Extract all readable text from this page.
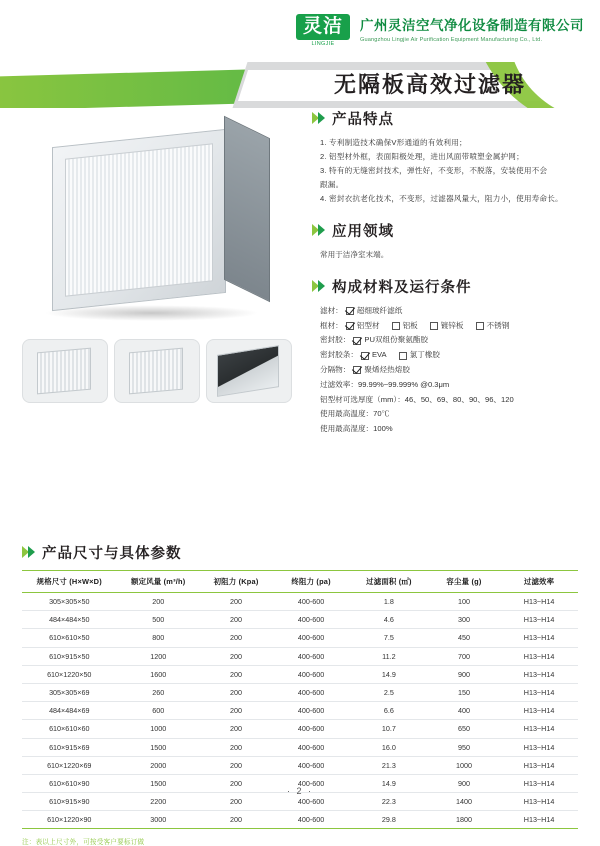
灵洁
LINGJIE
广州灵洁空气净化设备制造有限公司
Guangzhou Lingjie Air Purification Equipment Manufacturing Co., Ltd.
无隔板高效过滤器
产品特点
1. 专利制造技术确保V形通道的有效利用；
2. 铝型材外框，表面阳极处理，进出风面带喷塑金属护网；
3. 特有的无缝密封技术，弹性好，不变形，不脱落，安装使用不会
跟漏。
4. 密封衣抗老化技术，不变形，过滤器风量大，阻力小，使用寿命长。
应用领域

常用于洁净室末端。

构成材料及运行条件
滤材： 超细玻纤滤纸
框材： 铝型材	铝板	镀锌板	不锈钢
密封胶： PU双组份聚氨酯胶
密封胶条： EVA	氯丁橡胶
分隔物： 聚烯烃热熔胶
过滤效率：99.99%~99.999% @0.3μm
铝型材可选厚度（mm）：46、50、69、80、90、96、120
使用最高温度：70℃
使用最高湿度：100%
产品尺寸与具体参数
规格尺寸 (H×W×D)	额定风量 (m³/h)	初阻力 (Kpa)	终阻力 (pa)	过滤面积 (㎡)	容尘量 (g)	过滤效率
305×305×50	200	200	400-600	1.8	100	H13~H14
484×484×50	500	200	400-600	4.6	300	H13~H14
610×610×50	800	200	400-600	7.5	450	H13~H14
610×915×50	1200	200	400-600	11.2	700	H13~H14
610×1220×50	1600	200	400-600	14.9	900	H13~H14
305×305×69	260	200	400-600	2.5	150	H13~H14
484×484×69	600	200	400-600	6.6	400	H13~H14
610×610×60	1000	200	400-600	10.7	650	H13~H14
610×915×69	1500	200	400-600	16.0	950	H13~H14
610×1220×69	2000	200	400-600	21.3	1000	H13~H14
610×610×90	1500	200	400-600	14.9	900	H13~H14
610×915×90	2200	200	400-600	22.3	1400	H13~H14
610×1220×90	3000	200	400-600	29.8	1800	H13~H14
注：表以上尺寸外，可按受客户要标订做
· 2 ·
